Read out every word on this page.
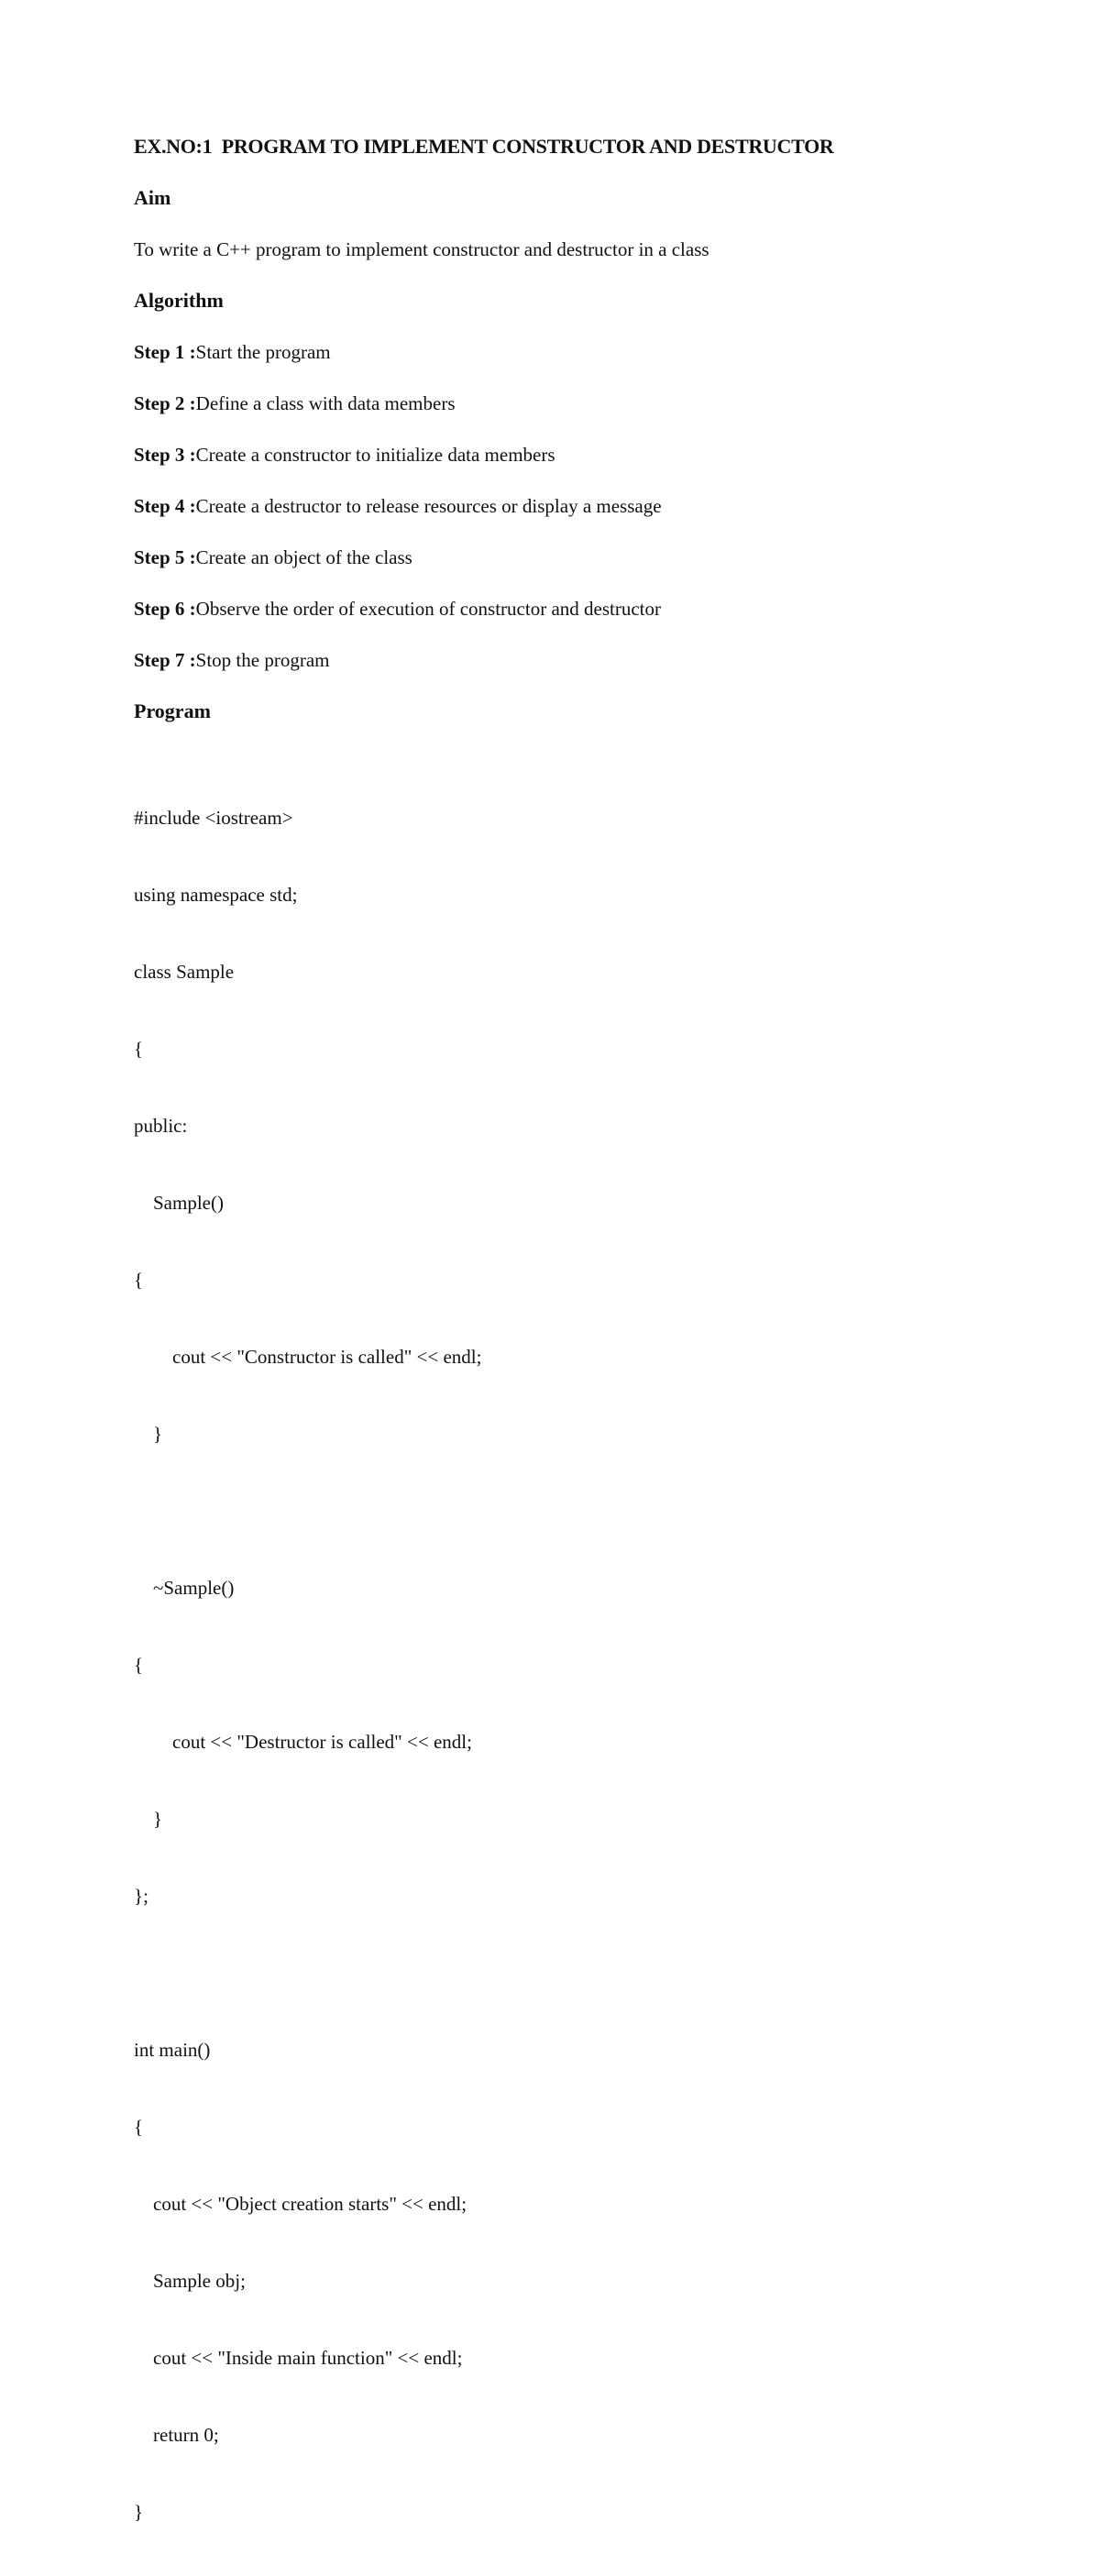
EX.NO:1  PROGRAM TO IMPLEMENT CONSTRUCTOR AND DESTRUCTOR

Aim

To write a C++ program to implement constructor and destructor in a class

Algorithm

Step 1 :Start the program

Step 2 :Define a class with data members

Step 3 :Create a constructor to initialize data members

Step 4 :Create a destructor to release resources or display a message

Step 5 :Create an object of the class

Step 6 :Observe the order of execution of constructor and destructor

Step 7 :Stop the program

Program

#include <iostream>

using namespace std;

class Sample

{

public:

Sample()

{

cout << "Constructor is called" << endl;

}

~Sample()

{

cout << "Destructor is called" << endl;

}

};

int main()

{

cout << "Object creation starts" << endl;

Sample obj;

cout << "Inside main function" << endl;

return 0;

}
